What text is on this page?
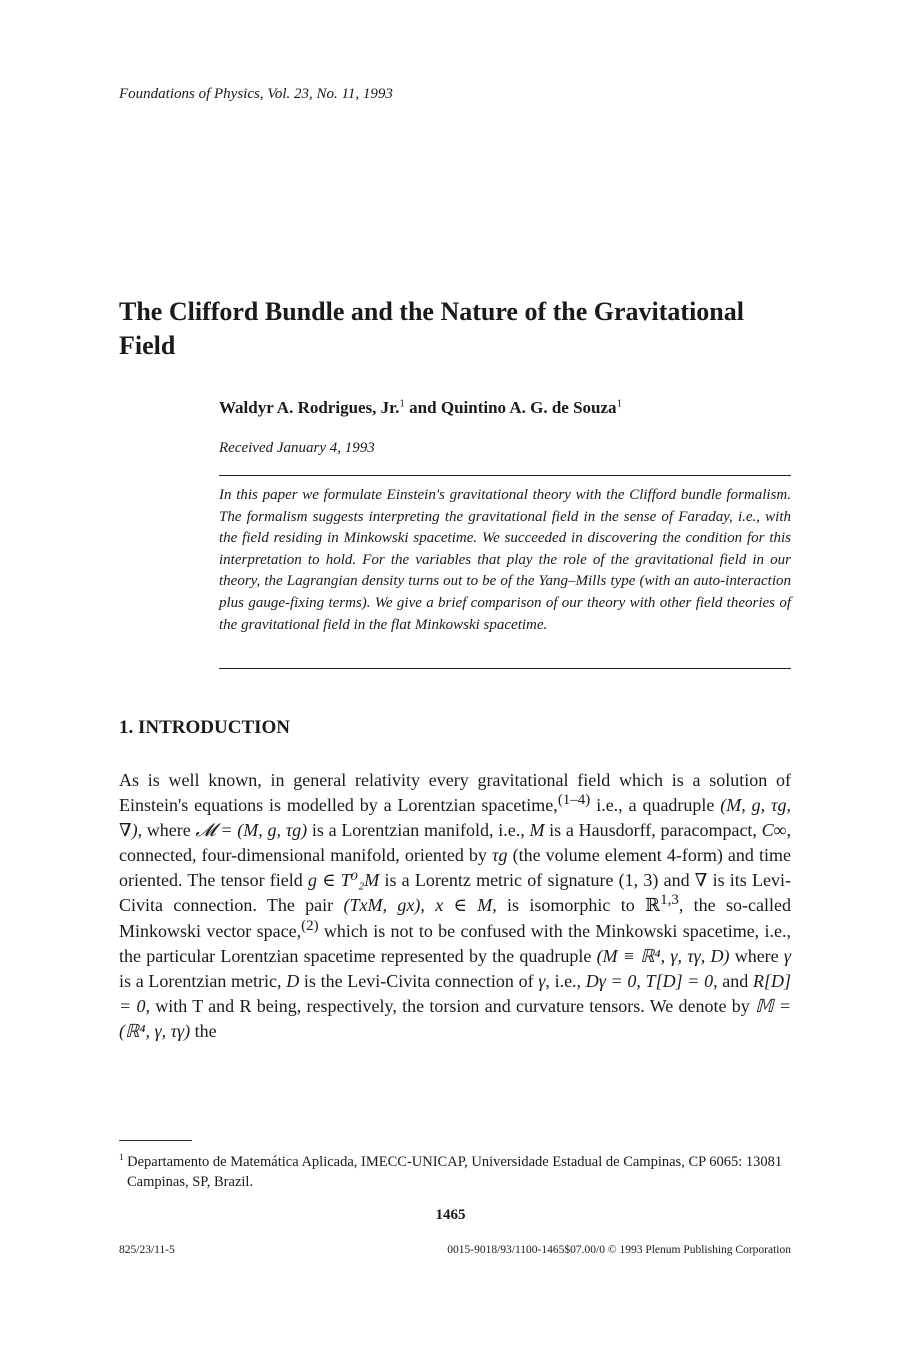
Foundations of Physics, Vol. 23, No. 11, 1993
The Clifford Bundle and the Nature of the Gravitational Field
Waldyr A. Rodrigues, Jr.$^1$ and Quintino A. G. de Souza$^1$
Received January 4, 1993

In this paper we formulate Einstein's gravitational theory with the Clifford bundle formalism. The formalism suggests interpreting the gravitational field in the sense of Faraday, i.e., with the field residing in Minkowski spacetime. We succeeded in discovering the condition for this interpretation to hold. For the variables that play the role of the gravitational field in our theory, the Lagrangian density turns out to be of the Yang–Mills type (with an auto-interaction plus gauge-fixing terms). We give a brief comparison of our theory with other field theories of the gravitational field in the flat Minkowski spacetime.

1. INTRODUCTION

As is well known, in general relativity every gravitational field which is a solution of Einstein's equations is modelled by a Lorentzian spacetime,$^{(1-4)}$ i.e., a quadruple (M, g, τg, ∇), where 𝓜 = (M, g, τg) is a Lorentzian manifold, i.e., M is a Hausdorff, paracompact, C∞, connected, four-dimensional manifold, oriented by τg (the volume element 4-form) and time oriented. The tensor field g ∈ T⁰₂M is a Lorentz metric of signature (1, 3) and ∇ is its Levi-Civita connection. The pair (TxM, gx), x ∈ M, is isomorphic to ℝ$^{1,3}$, the so-called Minkowski vector space,$^{(2)}$ which is not to be confused with the Minkowski spacetime, i.e., the particular Lorentzian spacetime represented by the quadruple (M ≡ ℝ⁴, γ, τγ, D) where γ is a Lorentzian metric, D is the Levi-Civita connection of γ, i.e., Dγ = 0, T[D] = 0, and R[D] = 0, with T and R being, respectively, the torsion and curvature tensors. We denote by 𝕄 = (ℝ⁴, γ, τγ) the

$^1$ Departamento de Matemática Aplicada, IMECC-UNICAP, Universidade Estadual de Campinas, CP 6065: 13081 Campinas, SP, Brazil.

1465
825/23/11-5	0015-9018/93/1100-1465$07.00/0 © 1993 Plenum Publishing Corporation
